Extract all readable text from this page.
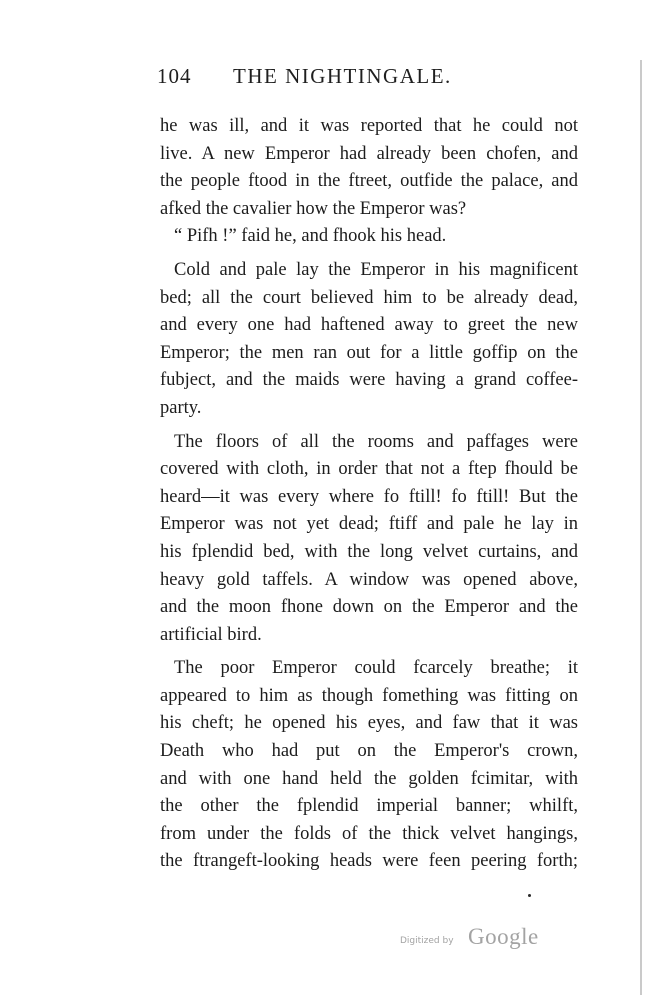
104 THE NIGHTINGALE.
he was ill, and it was reported that he could not
live. A new Emperor had already been chofen, and
the people ftood in the ftreet, outfide the palace, and
afked the cavalier how the Emperor was?
“ Pifh !” faid he, and fhook his head.
Cold and pale lay the Emperor in his magnificent
bed; all the court believed him to be already dead,
and every one had haftened away to greet the new
Emperor; the men ran out for a little goffip on the
fubject, and the maids were having a grand coffee-
party.
The floors of all the rooms and paffages were
covered with cloth, in order that not a ftep fhould be
heard—it was every where fo ftill! fo ftill! But the
Emperor was not yet dead; ftiff and pale he lay in
his fplendid bed, with the long velvet curtains, and
heavy gold taffels. A window was opened above,
and the moon fhone down on the Emperor and the
artificial bird.
The poor Emperor could fcarcely breathe; it
appeared to him as though fomething was fitting on
his cheft; he opened his eyes, and faw that it was
Death who had put on the Emperor's crown,
and with one hand held the golden fcimitar, with
the other the fplendid imperial banner; whilft,
from under the folds of the thick velvet hangings,
the ftrangeft-looking heads were feen peering forth;
Digitized by Google
